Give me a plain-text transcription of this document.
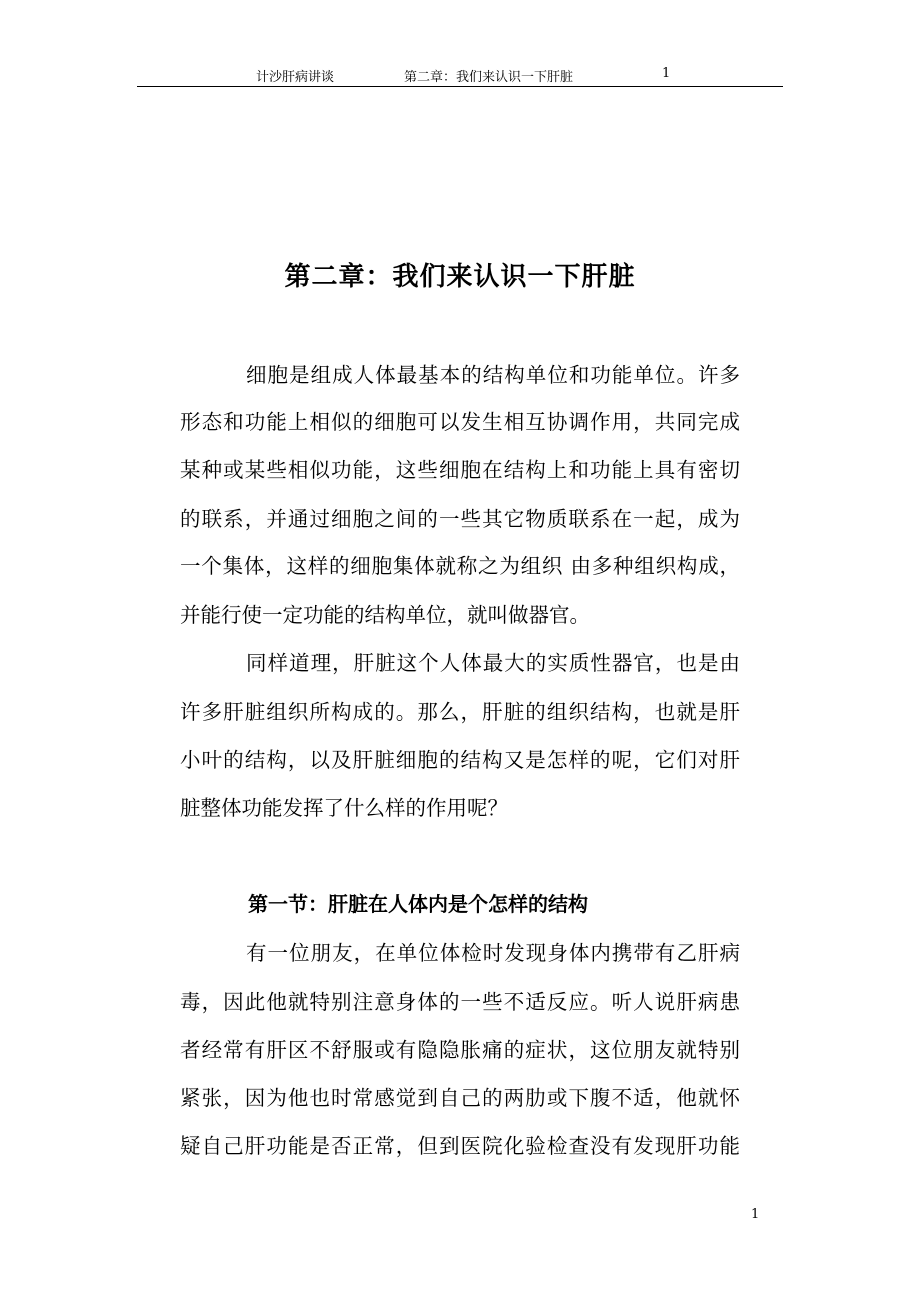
计沙肝病讲谈	第二章：我们来认识一下肝脏	1
第二章：我们来认识一下肝脏
细胞是组成人体最基本的结构单位和功能单位。许多
形态和功能上相似的细胞可以发生相互协调作用，共同完成
某种或某些相似功能，这些细胞在结构上和功能上具有密切
的联系，并通过细胞之间的一些其它物质联系在一起，成为
一个集体，这样的细胞集体就称之为组织 由多种组织构成，
并能行使一定功能的结构单位，就叫做器官。
同样道理，肝脏这个人体最大的实质性器官，也是由
许多肝脏组织所构成的。那么，肝脏的组织结构，也就是肝
小叶的结构，以及肝脏细胞的结构又是怎样的呢，它们对肝
脏整体功能发挥了什么样的作用呢？
第一节：肝脏在人体内是个怎样的结构
有一位朋友，在单位体检时发现身体内携带有乙肝病
毒，因此他就特别注意身体的一些不适反应。听人说肝病患
者经常有肝区不舒服或有隐隐胀痛的症状，这位朋友就特别
紧张，因为他也时常感觉到自己的两肋或下腹不适，他就怀
疑自己肝功能是否正常，但到医院化验检查没有发现肝功能
1
